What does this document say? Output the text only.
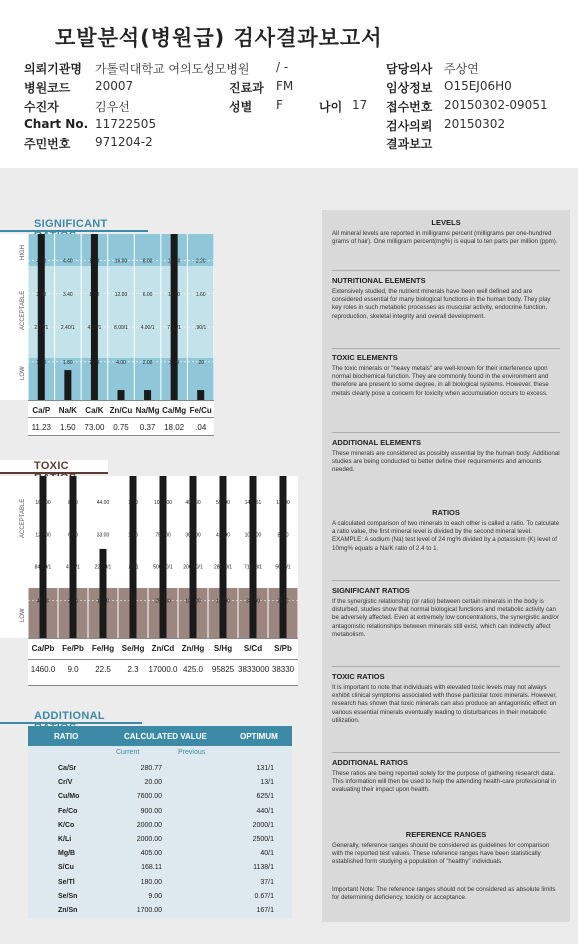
모발분석(병원급) 검사결과보고서
의뢰기관명 가톨릭대학교 여의도성모병원
병원코드 20007
수진자	김우선
Chart No. 11722505
주민번호 971204-2
/ -
진료과 FM
성별 F	나이 17
담당의사 주상연
임상정보 O15EJ06H0
접수번호 20150302-09051
검사의뢰 20150302
결과보고
SIGNIFICANT
HIGH
ACCEPTABLE
LOW
4.00
3.00
2.50/1
1.00
4.40
3.40
2.40/1
1.80
8.00
8.00
4.20/1
2.00
16.00
12.00
8.00/1
4.00
8.00
6.00
4.00/1
2.00
16.00
11.00
7.00/1
3.00
2.20
1.60
.90/1
.20
Ca/P	Na/K	Ca/K Zn/Cu Na/Mg Ca/Mg Fe/Cu
11.23	1.50	73.00	0.75	0.37	18.02	.04
TOXIC
ACCEPTABLE
LOW
168.00
126.00
84.00/1
42.00
8.00
6.00
4.40/1
2.20
44.00
33.00
22.00/1
11.00
1.60
1.20
.80/1
.40
1000.00
750.00
500.00/1
250.00
400.00
300.00
200.00/1
100.00
55000
42000
28400/1
14200
142851
108000
71418/1
35900
11300
8530
5600/1
2840
Ca/Pb Fe/Pb Fe/Hg Se/Hg Zn/Cd Zn/Hg	S/Hg	S/Cd	S/Pb
1460.0	9.0	22.5	2.3	17000.0 425.0	95825 3833000 38330
ADDITIONAL
RATIO	CALCULATED VALUE	OPTIMUM
Current	Previous
Ca/Sr	280.77	131/1
Cr/V	20.00	13/1
Cu/Mo	7600.00	625/1
Fe/Co	900.00	440/1
K/Co	2000.00	2000/1
K/Li	2000.00	2500/1
Mg/B	405.00	40/1
S/Cu	168.11	1138/1
Se/Tl	180.00	37/1
Se/Sn	9.00	0.67/1
Zn/Sn	1700.00	167/1
LEVELS
All mineral levels are reported in milligrams percent (milligrams per one-hundred grams of hair). One milligram percent(mg%) is equal to ten parts per million (ppm).
NUTRITIONAL ELEMENTS
Extensively studied, the nutrient minerals have been well defined and are considered essential for many biological functions in the human body. They play key roles in such metabolic processes as muscular activity, endocrine function, reproduction, skeletal integrity and overall development.
TOXIC ELEMENTS
The toxic minerals or "heavy metals" are well-known for their interference upon normal biochemical function. They are commonly found in the environment and therefore are present to some degree, in all biological systems. However, these metals clearly pose a concern for toxicity when accumulation occurs to excess.
ADDITIONAL ELEMENTS
These minerals are considered as possibly essential by the human body. Additional studies are being conducted to better define their requirements and amounts needed.
RATIOS
A calculated comparison of two minerals to each other is called a ratio. To calculate a ratio value, the first mineral level is divided by the second mineral level. EXAMPLE: A sodium (Na) test level of 24 mg% divided by a potassium (K) level of 10mg% equals a Na/K ratio of 2.4 to 1.
SIGNIFICANT RATIOS
If the synergistic relationship (or ratio) between certain minerals in the body is disturbed, studies show that normal biological functions and metabolic activity can be adversely affected. Even at extremely low concentrations, the synergistic and/or antagonistic relationships between minerals still exist, which can indirectly affect metabolism.
TOXIC RATIOS
It is important to note that individuals with elevated toxic levels may not always exhibit clinical symptoms associated with those particular toxic minerals. However, research has shown that toxic minerals can also produce an antagonistic effect on various essential minerals eventually leading to disturbances in their metabolic utilization.
ADDITIONAL RATIOS
These ratios are being reported solely for the purpose of gathering research data. This information will then be used to help the attending health-care professional in evaluating their impact upon health.
REFERENCE RANGES
Generally, reference ranges should be considered as guidelines for comparison with the reported test values. These reference ranges have been statistically established form studying a population of "healthy" individuals.
Important Note: The reference ranges should not be considered as absolute limits for determining deficiency, toxicity or acceptance.
